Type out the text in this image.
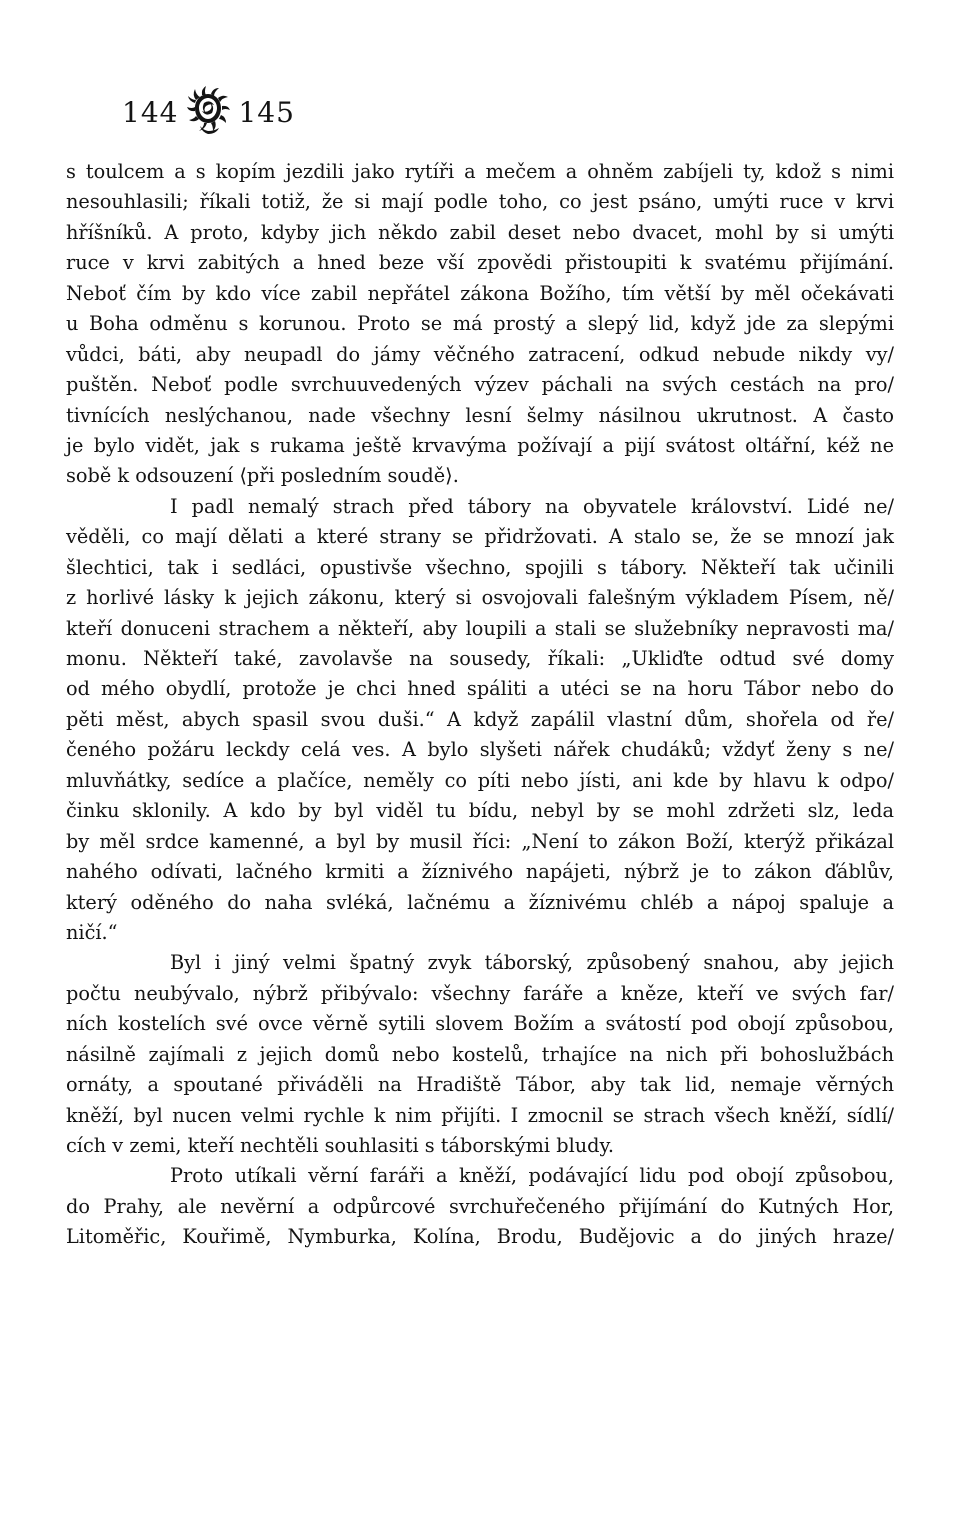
144 145
s toulcem a s kopím jezdili jako rytíři a mečem a ohněm zabíjeli ty, kdož s nimi
nesouhlasili; říkali totiž, že si mají podle toho, co jest psáno, umýti ruce v krvi
hříšníků. A proto, kdyby jich někdo zabil deset nebo dvacet, mohl by si umýti
ruce v krvi zabitých a hned beze vší zpovědi přistoupiti k svatému přijímání.
Neboť čím by kdo více zabil nepřátel zákona Božího, tím větší by měl očekávati
u Boha odměnu s korunou. Proto se má prostý a slepý lid, když jde za slepými
vůdci, báti, aby neupadl do jámy věčného zatracení, odkud nebude nikdy vy/
puštěn. Neboť podle svrchuuvedených výzev páchali na svých cestách na pro/
tivnících neslýchanou, nade všechny lesní šelmy násilnou ukrutnost. A často
je bylo vidět, jak s rukama ještě krvavýma požívají a pijí svátost oltářní, kéž ne
sobě k odsouzení ⟨při posledním soudě⟩.
I padl nemalý strach před tábory na obyvatele království. Lidé ne/
věděli, co mají dělati a které strany se přidržovati. A stalo se, že se mnozí jak
šlechtici, tak i sedláci, opustivše všechno, spojili s tábory. Někteří tak učinili
z horlivé lásky k jejich zákonu, který si osvojovali falešným výkladem Písem, ně/
kteří donuceni strachem a někteří, aby loupili a stali se služebníky nepravosti ma/
monu. Někteří také, zavolavše na sousedy, říkali: „Ukliďte odtud své domy
od mého obydlí, protože je chci hned spáliti a utéci se na horu Tábor nebo do
pěti měst, abych spasil svou duši.“ A když zapálil vlastní dům, shořela od ře/
čeného požáru leckdy celá ves. A bylo slyšeti nářek chudáků; vždyť ženy s ne/
mluvňátky, sedíce a plačíce, neměly co píti nebo jísti, ani kde by hlavu k odpo/
činku sklonily. A kdo by byl viděl tu bídu, nebyl by se mohl zdržeti slz, leda
by měl srdce kamenné, a byl by musil říci: „Není to zákon Boží, kterýž přikázal
nahého odívati, lačného krmiti a žíznivého napájeti, nýbrž je to zákon ďáblův,
který oděného do naha svléká, lačnému a žíznivému chléb a nápoj spaluje a
ničí.“
Byl i jiný velmi špatný zvyk táborský, způsobený snahou, aby jejich
počtu neubývalo, nýbrž přibývalo: všechny faráře a kněze, kteří ve svých far/
ních kostelích své ovce věrně sytili slovem Božím a svátostí pod obojí způsobou,
násilně zajímali z jejich domů nebo kostelů, trhajíce na nich při bohoslužbách
ornáty, a spoutané přiváděli na Hradiště Tábor, aby tak lid, nemaje věrných
kněží, byl nucen velmi rychle k nim přijíti. I zmocnil se strach všech kněží, sídlí/
cích v zemi, kteří nechtěli souhlasiti s táborskými bludy.
Proto utíkali věrní faráři a kněží, podávající lidu pod obojí způsobou,
do Prahy, ale nevěrní a odpůrcové svrchuřečeného přijímání do Kutných Hor,
Litoměřic, Kouřimě, Nymburka, Kolína, Brodu, Budějovic a do jiných hraze/
